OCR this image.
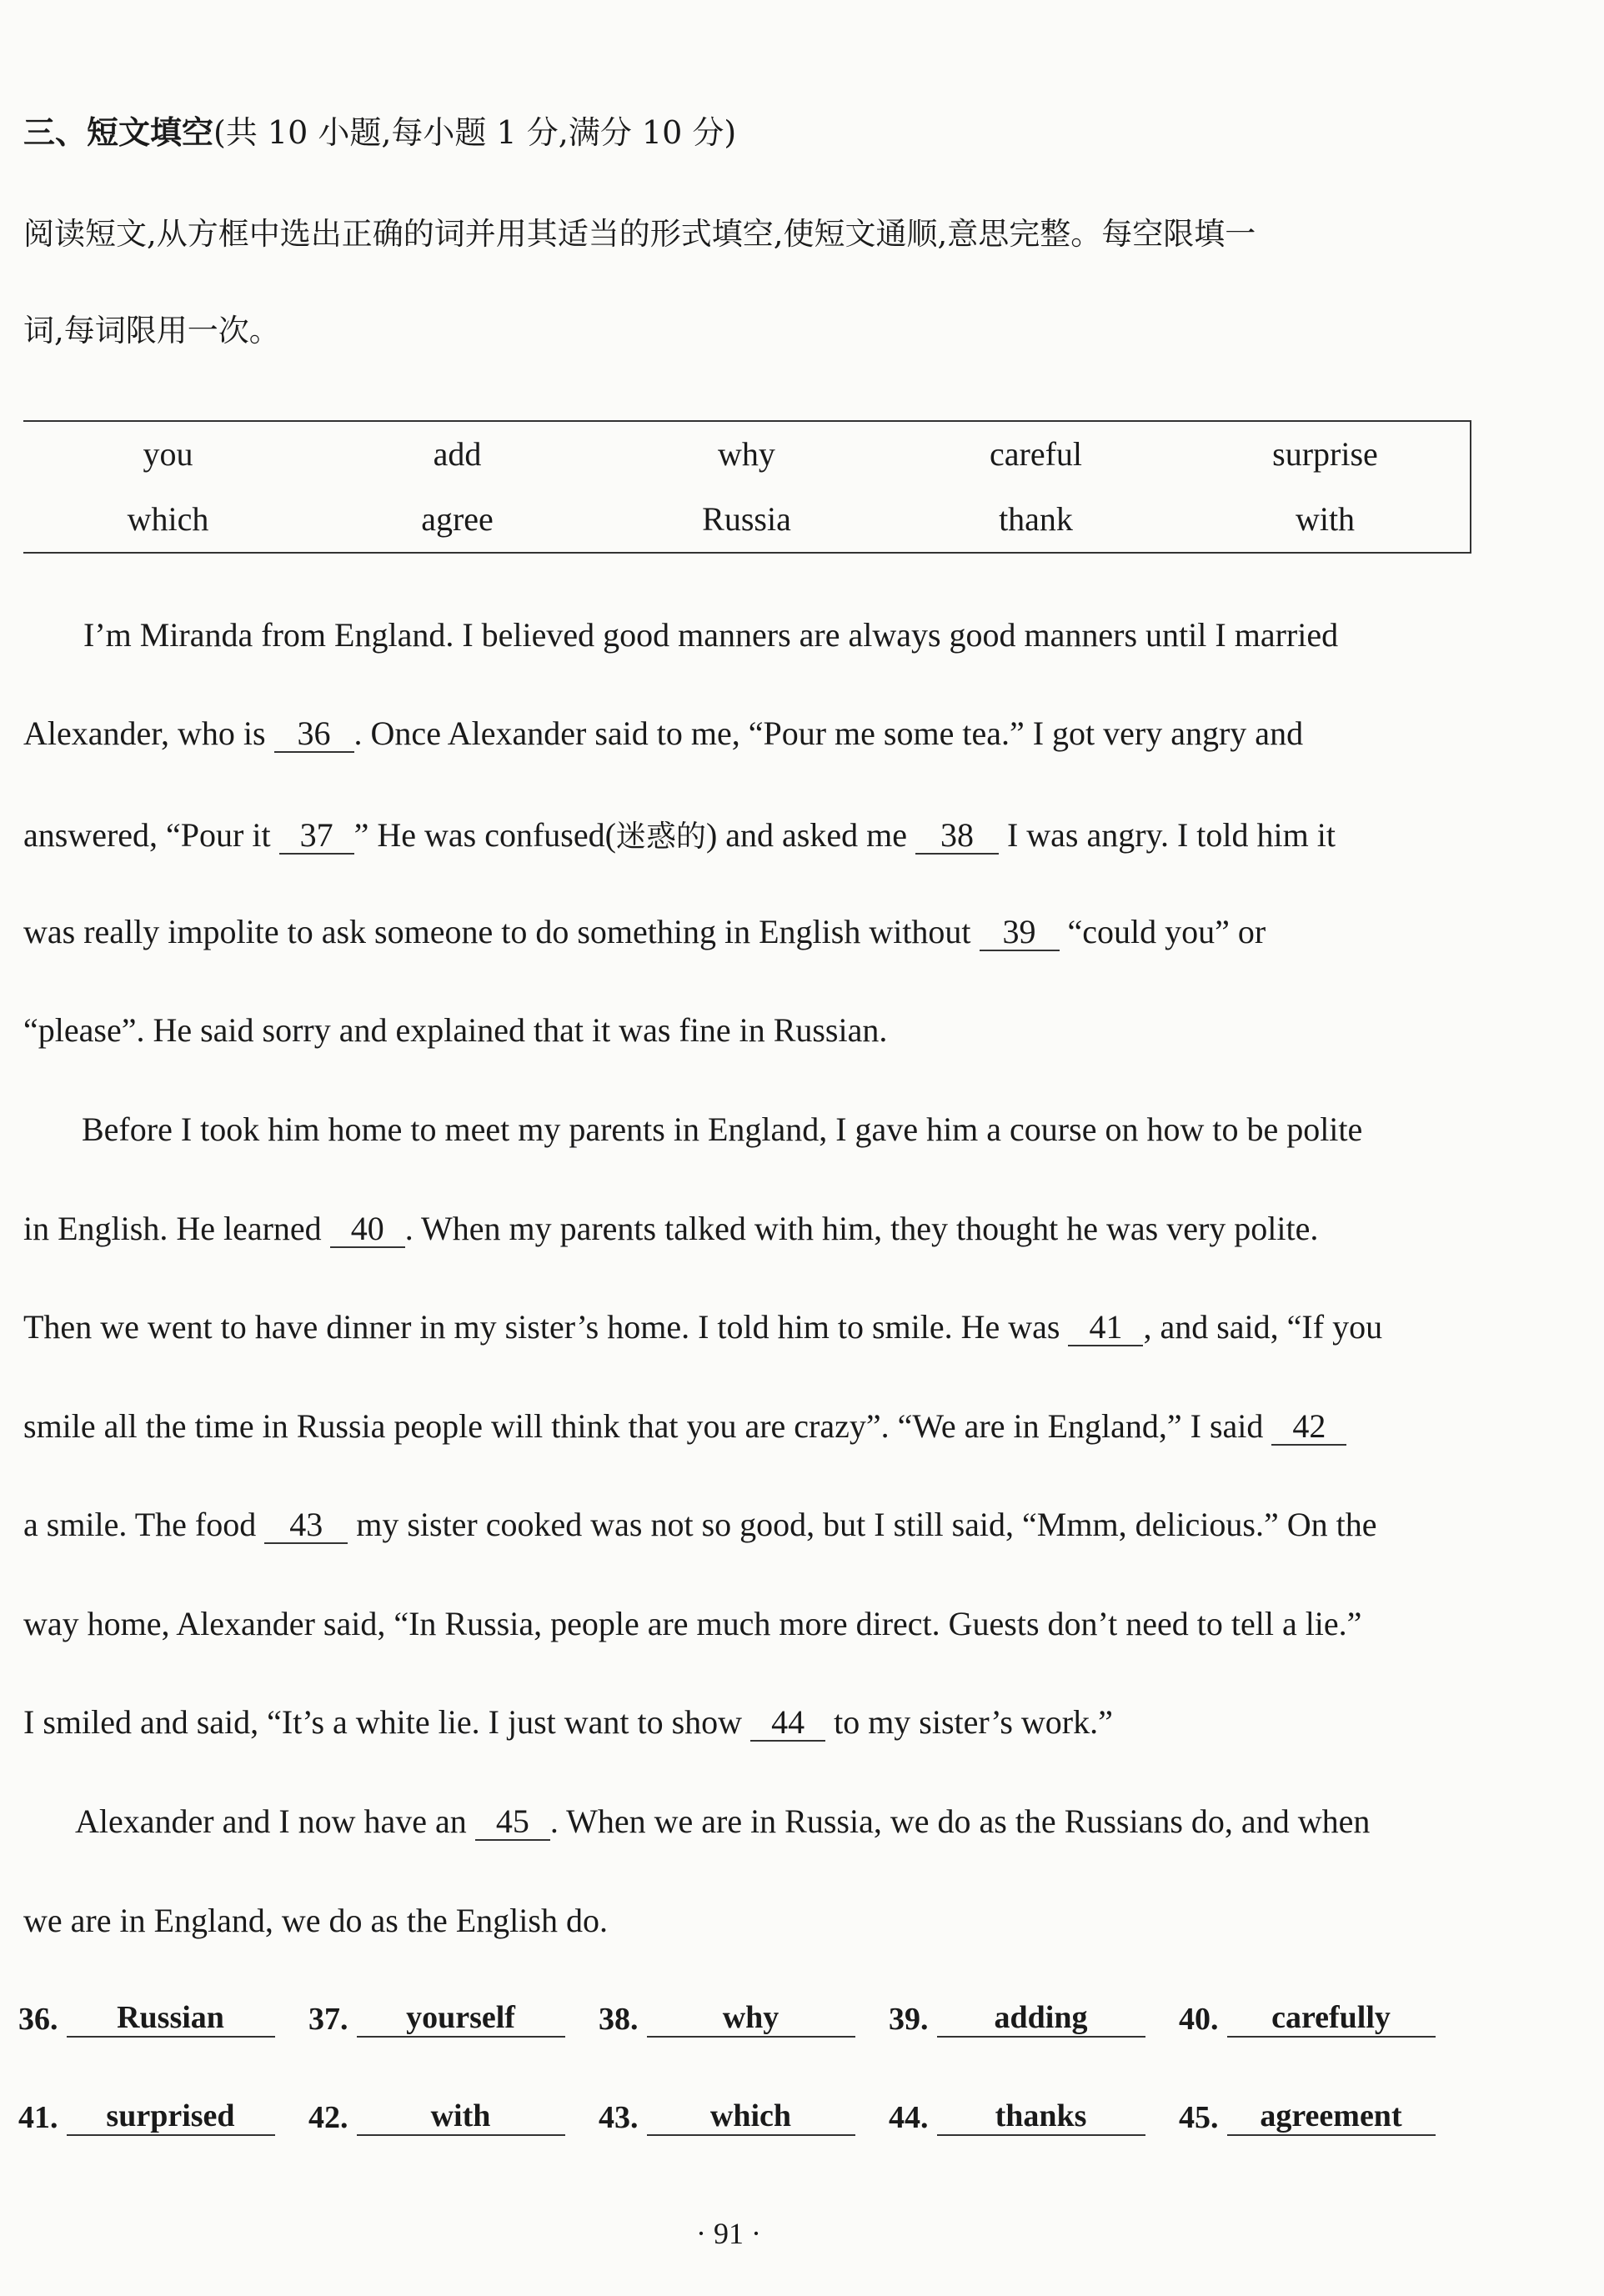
三、短文填空(共 10 小题,每小题 1 分,满分 10 分)
阅读短文,从方框中选出正确的词并用其适当的形式填空,使短文通顺,意思完整。每空限填一
词,每词限用一次。
you	add	why	careful	surprise
which	agree	Russia	thank	with
I’m Miranda from England. I believed good manners are always good manners until I married
Alexander, who is 36 . Once Alexander said to me, “Pour me some tea.” I got very angry and
answered, “Pour it 37 ” He was confused(迷惑的) and asked me 38 I was angry. I told him it
was really impolite to ask someone to do something in English without 39 “could you” or
“please”. He said sorry and explained that it was fine in Russian.
Before I took him home to meet my parents in England, I gave him a course on how to be polite
in English. He learned 40 . When my parents talked with him, they thought he was very polite.
Then we went to have dinner in my sister’s home. I told him to smile. He was 41 , and said, “If you
smile all the time in Russia people will think that you are crazy”. “We are in England,” I said 42
a smile. The food 43 my sister cooked was not so good, but I still said, “Mmm, delicious.” On the
way home, Alexander said, “In Russia, people are much more direct. Guests don’t need to tell a lie.”
I smiled and said, “It’s a white lie. I just want to show 44 to my sister’s work.”
Alexander and I now have an 45 . When we are in Russia, we do as the Russians do, and when
we are in England, we do as the English do.
36.	Russian	37.	yourself	38.	why	39.	adding	40.	carefully
41.	surprised	42.	with	43.	which	44.	thanks	45.	agreement
· 91 ·
